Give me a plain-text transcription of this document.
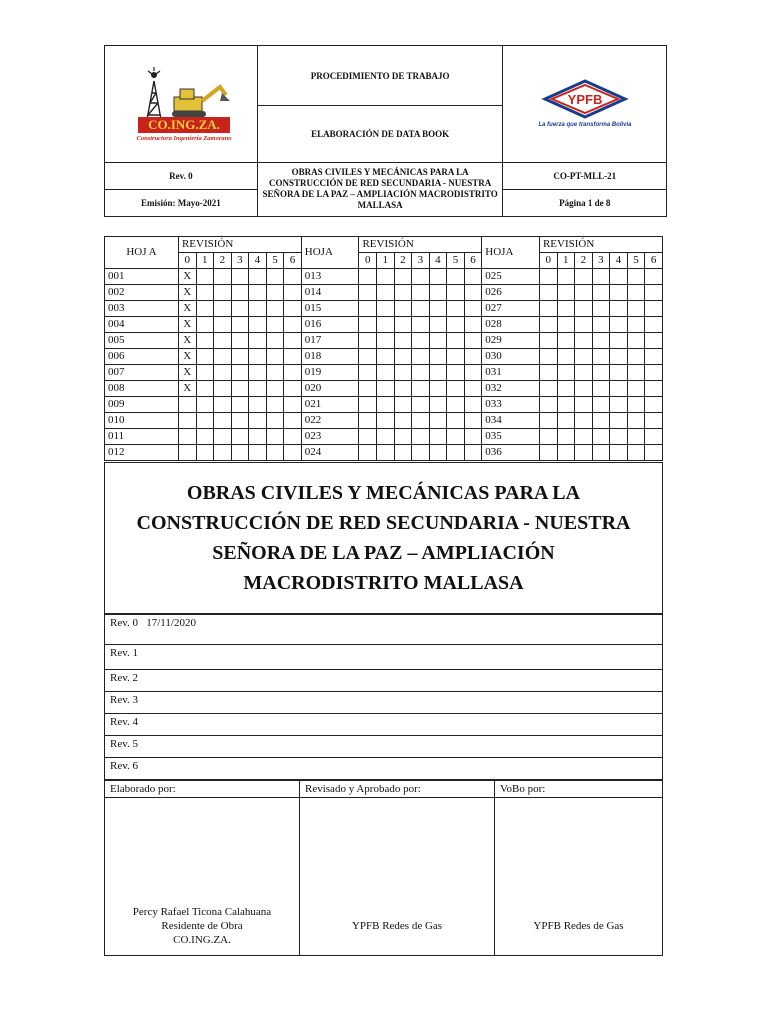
CO.ING.ZA.
Constructora Ingeniería Zamorano	PROCEDIMIENTO DE TRABAJO	YPFB
La fuerza que transforma Bolivia

	ELABORACIÓN DE DATA BOOK	
Rev. 0	OBRAS CIVILES Y MECÁNICAS PARA LA CONSTRUCCIÓN DE RED SECUNDARIA - NUESTRA SEÑORA DE LA PAZ – AMPLIACIÓN MACRODISTRITO MALLASA	CO-PT-MLL-21
Emisión: Mayo-2021		Página 1 de 8
HOJ A	REVISIÓN							HOJA	REVISIÓN							HOJA	REVISIÓN						
	0	1	2	3	4	5	6		0	1	2	3	4	5	6		0	1	2	3	4	5	6
001	X							013								025							
002	X							014								026							
003	X							015								027							
004	X							016								028							
005	X							017								029							
006	X							018								030							
007	X							019								031							
008	X							020								032							
009								021								033							
010								022								034							
011								023								035							
012								024								036							
OBRAS CIVILES Y MECÁNICAS PARA LA CONSTRUCCIÓN DE RED SECUNDARIA - NUESTRA SEÑORA DE LA PAZ – AMPLIACIÓN MACRODISTRITO MALLASA
Rev. 0   17/11/2020
Rev. 1
Rev. 2
Rev. 3
Rev. 4
Rev. 5
Rev. 6
Elaborado por:	Revisado y Aprobado por:	VoBo por:

Percy Rafael Ticona Calahuana
Residente de Obra
CO.ING.ZA.	YPFB Redes de Gas	YPFB Redes de Gas
